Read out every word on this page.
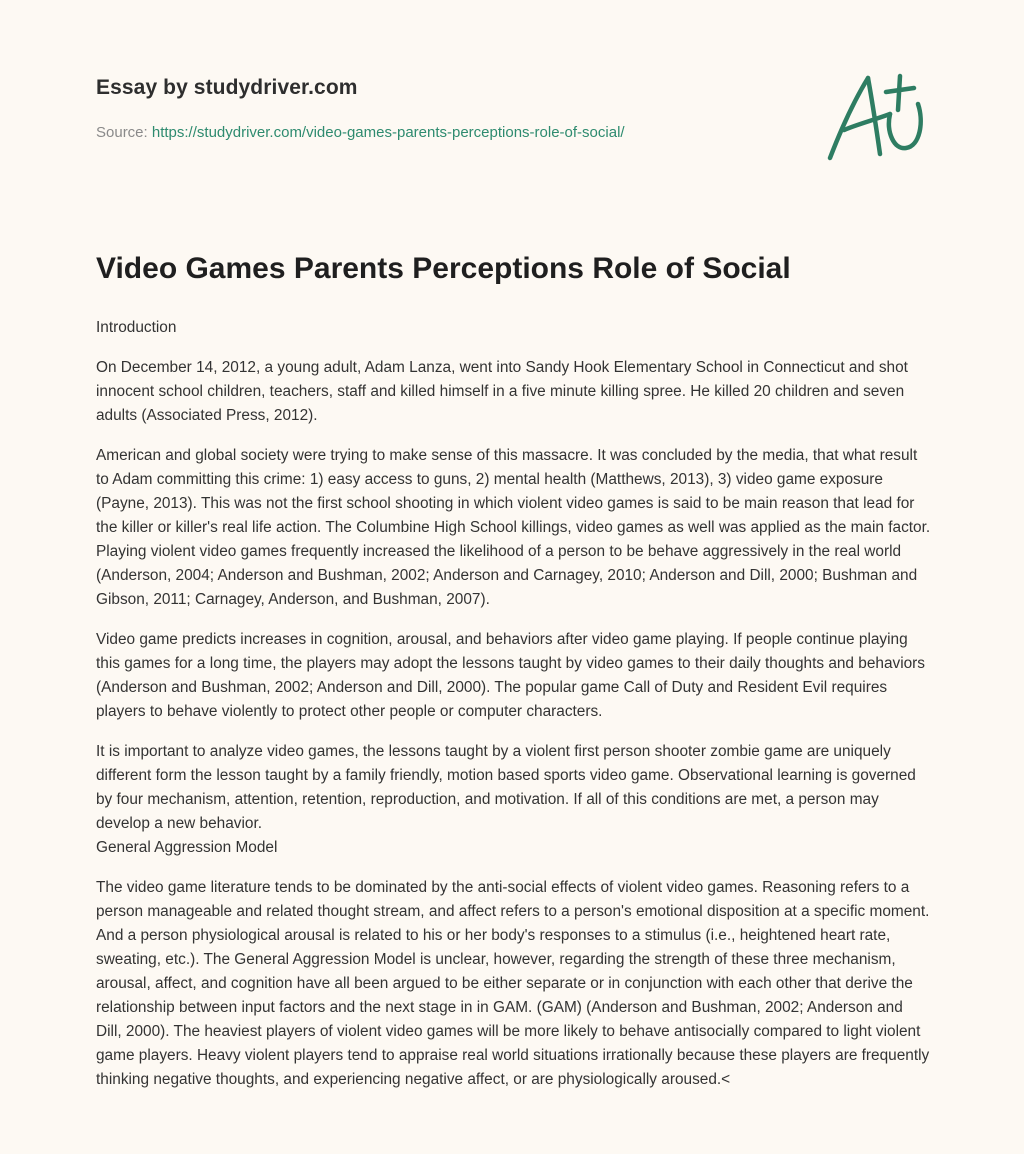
Essay by studydriver.com
Source: https://studydriver.com/video-games-parents-perceptions-role-of-social/
Video Games Parents Perceptions Role of Social

Introduction

On December 14, 2012, a young adult, Adam Lanza, went into Sandy Hook Elementary School in Connecticut and shot innocent school children, teachers, staff and killed himself in a five minute killing spree. He killed 20 children and seven adults (Associated Press, 2012).

American and global society were trying to make sense of this massacre. It was concluded by the media, that what result to Adam committing this crime: 1) easy access to guns, 2) mental health (Matthews, 2013), 3) video game exposure (Payne, 2013). This was not the first school shooting in which violent video games is said to be main reason that lead for the killer or killer's real life action. The Columbine High School killings, video games as well was applied as the main factor. Playing violent video games frequently increased the likelihood of a person to be behave aggressively in the real world (Anderson, 2004; Anderson and Bushman, 2002; Anderson and Carnagey, 2010; Anderson and Dill, 2000; Bushman and Gibson, 2011; Carnagey, Anderson, and Bushman, 2007).

Video game predicts increases in cognition, arousal, and behaviors after video game playing. If people continue playing this games for a long time, the players may adopt the lessons taught by video games to their daily thoughts and behaviors (Anderson and Bushman, 2002; Anderson and Dill, 2000). The popular game Call of Duty and Resident Evil requires players to behave violently to protect other people or computer characters.

It is important to analyze video games, the lessons taught by a violent first person shooter zombie game are uniquely different form the lesson taught by a family friendly, motion based sports video game. Observational learning is governed by four mechanism, attention, retention, reproduction, and motivation. If all of this conditions are met, a person may develop a new behavior.

General Aggression Model

The video game literature tends to be dominated by the anti-social effects of violent video games. Reasoning refers to a person manageable and related thought stream, and affect refers to a person's emotional disposition at a specific moment. And a person physiological arousal is related to his or her body's responses to a stimulus (i.e., heightened heart rate, sweating, etc.). The General Aggression Model is unclear, however, regarding the strength of these three mechanism, arousal, affect, and cognition have all been argued to be either separate or in conjunction with each other that derive the relationship between input factors and the next stage in in GAM. (GAM) (Anderson and Bushman, 2002; Anderson and Dill, 2000). The heaviest players of violent video games will be more likely to behave antisocially compared to light violent game players. Heavy violent players tend to appraise real world situations irrationally because these players are frequently thinking negative thoughts, and experiencing negative affect, or are physiologically aroused.<
